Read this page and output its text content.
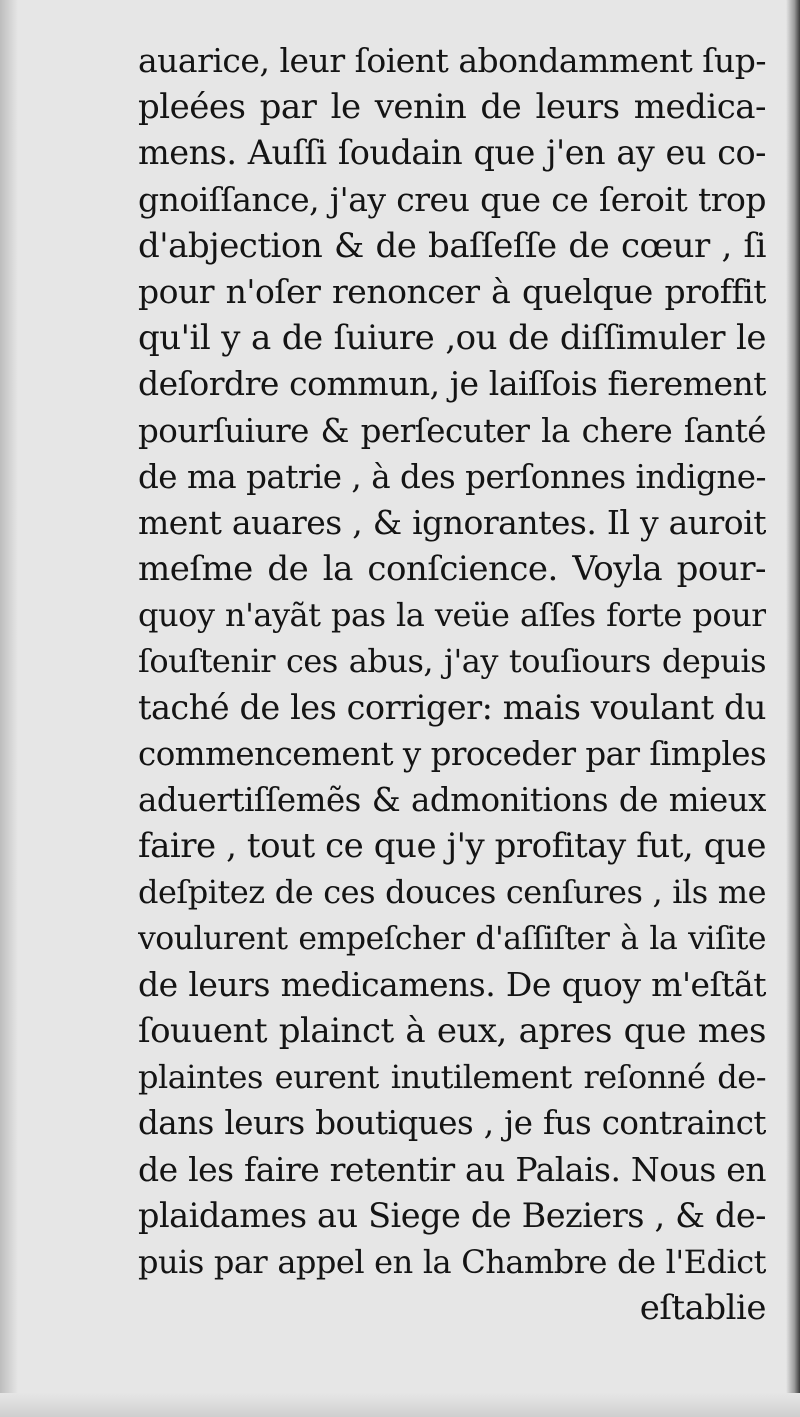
auarice, leur ſoient abondamment ſup-
pleées par le venin de leurs medica-
mens. Auſſi ſoudain que j'en ay eu co-
gnoiſſance, j'ay creu que ce ſeroit trop
d'abjection & de baſſeſſe de cœur , ſi
pour n'oſer renoncer à quelque proffit
qu'il y a de ſuiure ,ou de diſſimuler le
deſordre commun, je laiſſois fierement
pourſuiure & perſecuter la chere ſanté
de ma patrie , à des perſonnes indigne-
ment auares , & ignorantes. Il y auroit
meſme de la conſcience. Voyla pour-
quoy n'ayãt pas la veüe aſſes forte pour
ſouſtenir ces abus, j'ay touſiours depuis
taché de les corriger: mais voulant du
commencement y proceder par ſimples
aduertiſſemẽs & admonitions de mieux
faire , tout ce que j'y profitay fut, que
deſpitez de ces douces cenſures , ils me
voulurent empeſcher d'aſſiſter à la viſite
de leurs medicamens. De quoy m'eſtãt
ſouuent plainct à eux, apres que mes
plaintes eurent inutilement reſonné de-
dans leurs boutiques , je fus contrainct
de les faire retentir au Palais. Nous en
plaidames au Siege de Beziers , & de-
puis par appel en la Chambre de l'Edict
eſtablie
